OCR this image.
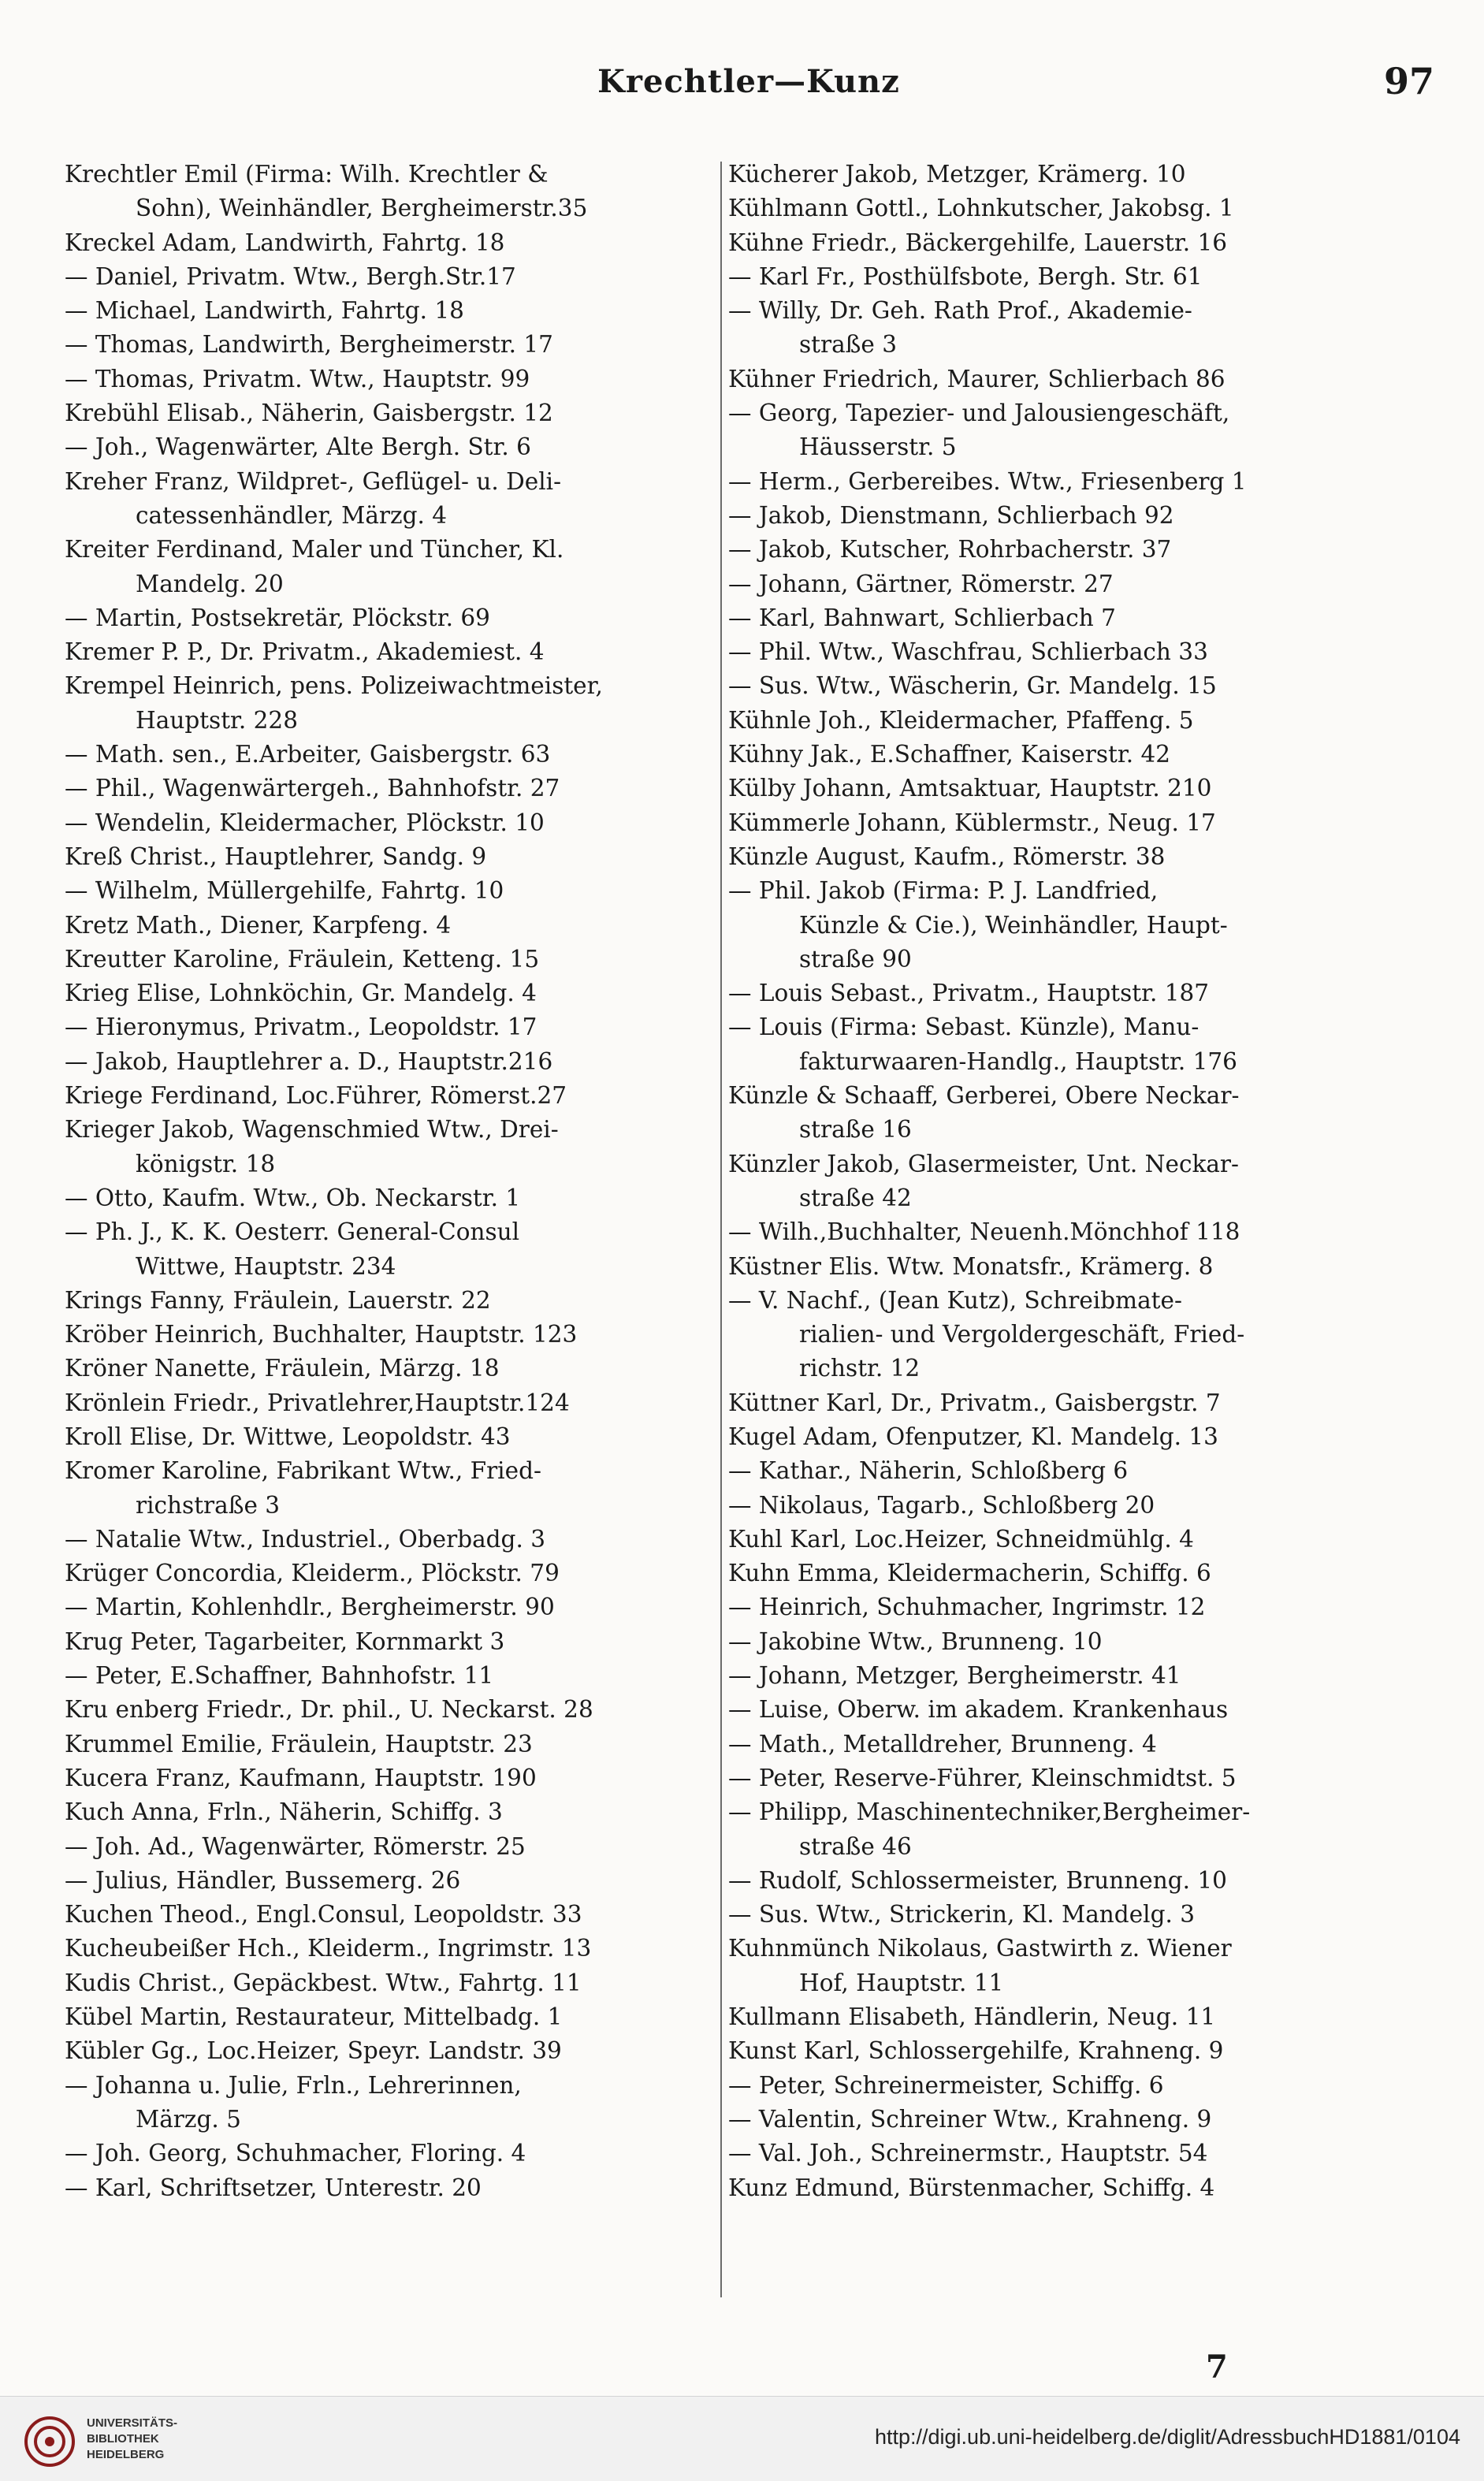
Krechtler—Kunz	97
Krechtler Emil (Firma: Wilh. Krechtler &
Sohn), Weinhändler, Bergheimerstr.35
Kreckel Adam, Landwirth, Fahrtg. 18
— Daniel, Privatm. Wtw., Bergh.Str.17
— Michael, Landwirth, Fahrtg. 18
— Thomas, Landwirth, Bergheimerstr. 17
— Thomas, Privatm. Wtw., Hauptstr. 99
Krebühl Elisab., Näherin, Gaisbergstr. 12
— Joh., Wagenwärter, Alte Bergh. Str. 6
Kreher Franz, Wildpret-, Geflügel- u. Deli-
catessenhändler, Märzg. 4
Kreiter Ferdinand, Maler und Tüncher, Kl.
Mandelg. 20
— Martin, Postsekretär, Plöckstr. 69
Kremer P. P., Dr. Privatm., Akademiest. 4
Krempel Heinrich, pens. Polizeiwachtmeister,
Hauptstr. 228
— Math. sen., E.Arbeiter, Gaisbergstr. 63
— Phil., Wagenwärtergeh., Bahnhofstr. 27
— Wendelin, Kleidermacher, Plöckstr. 10
Kreß Christ., Hauptlehrer, Sandg. 9
— Wilhelm, Müllergehilfe, Fahrtg. 10
Kretz Math., Diener, Karpfeng. 4
Kreutter Karoline, Fräulein, Ketteng. 15
Krieg Elise, Lohnköchin, Gr. Mandelg. 4
— Hieronymus, Privatm., Leopoldstr. 17
— Jakob, Hauptlehrer a. D., Hauptstr.216
Kriege Ferdinand, Loc.Führer, Römerst.27
Krieger Jakob, Wagenschmied Wtw., Drei-
königstr. 18
— Otto, Kaufm. Wtw., Ob. Neckarstr. 1
— Ph. J., K. K. Oesterr. General-Consul
Wittwe, Hauptstr. 234
Krings Fanny, Fräulein, Lauerstr. 22
Kröber Heinrich, Buchhalter, Hauptstr. 123
Kröner Nanette, Fräulein, Märzg. 18
Krönlein Friedr., Privatlehrer,Hauptstr.124
Kroll Elise, Dr. Wittwe, Leopoldstr. 43
Kromer Karoline, Fabrikant Wtw., Fried-
richstraße 3
— Natalie Wtw., Industriel., Oberbadg. 3
Krüger Concordia, Kleiderm., Plöckstr. 79
— Martin, Kohlenhdlr., Bergheimerstr. 90
Krug Peter, Tagarbeiter, Kornmarkt 3
— Peter, E.Schaffner, Bahnhofstr. 11
Kru enberg Friedr., Dr. phil., U. Neckarst. 28
Krummel Emilie, Fräulein, Hauptstr. 23
Kucera Franz, Kaufmann, Hauptstr. 190
Kuch Anna, Frln., Näherin, Schiffg. 3
— Joh. Ad., Wagenwärter, Römerstr. 25
— Julius, Händler, Bussemerg. 26
Kuchen Theod., Engl.Consul, Leopoldstr. 33
Kucheubeißer Hch., Kleiderm., Ingrimstr. 13
Kudis Christ., Gepäckbest. Wtw., Fahrtg. 11
Kübel Martin, Restaurateur, Mittelbadg. 1
Kübler Gg., Loc.Heizer, Speyr. Landstr. 39
— Johanna u. Julie, Frln., Lehrerinnen,
Märzg. 5
— Joh. Georg, Schuhmacher, Floring. 4
— Karl, Schriftsetzer, Unterestr. 20
Kücherer Jakob, Metzger, Krämerg. 10
Kühlmann Gottl., Lohnkutscher, Jakobsg. 1
Kühne Friedr., Bäckergehilfe, Lauerstr. 16
— Karl Fr., Posthülfsbote, Bergh. Str. 61
— Willy, Dr. Geh. Rath Prof., Akademie-
straße 3
Kühner Friedrich, Maurer, Schlierbach 86
— Georg, Tapezier- und Jalousiengeschäft,
Häusserstr. 5
— Herm., Gerbereibes. Wtw., Friesenberg 1
— Jakob, Dienstmann, Schlierbach 92
— Jakob, Kutscher, Rohrbacherstr. 37
— Johann, Gärtner, Römerstr. 27
— Karl, Bahnwart, Schlierbach 7
— Phil. Wtw., Waschfrau, Schlierbach 33
— Sus. Wtw., Wäscherin, Gr. Mandelg. 15
Kühnle Joh., Kleidermacher, Pfaffeng. 5
Kühny Jak., E.Schaffner, Kaiserstr. 42
Külby Johann, Amtsaktuar, Hauptstr. 210
Kümmerle Johann, Küblermstr., Neug. 17
Künzle August, Kaufm., Römerstr. 38
— Phil. Jakob (Firma: P. J. Landfried,
Künzle & Cie.), Weinhändler, Haupt-
straße 90
— Louis Sebast., Privatm., Hauptstr. 187
— Louis (Firma: Sebast. Künzle), Manu-
fakturwaaren-Handlg., Hauptstr. 176
Künzle & Schaaff, Gerberei, Obere Neckar-
straße 16
Künzler Jakob, Glasermeister, Unt. Neckar-
straße 42
— Wilh.,Buchhalter, Neuenh.Mönchhof 118
Küstner Elis. Wtw. Monatsfr., Krämerg. 8
— V. Nachf., (Jean Kutz), Schreibmate-
rialien- und Vergoldergeschäft, Fried-
richstr. 12
Küttner Karl, Dr., Privatm., Gaisbergstr. 7
Kugel Adam, Ofenputzer, Kl. Mandelg. 13
— Kathar., Näherin, Schloßberg 6
— Nikolaus, Tagarb., Schloßberg 20
Kuhl Karl, Loc.Heizer, Schneidmühlg. 4
Kuhn Emma, Kleidermacherin, Schiffg. 6
— Heinrich, Schuhmacher, Ingrimstr. 12
— Jakobine Wtw., Brunneng. 10
— Johann, Metzger, Bergheimerstr. 41
— Luise, Oberw. im akadem. Krankenhaus
— Math., Metalldreher, Brunneng. 4
— Peter, Reserve-Führer, Kleinschmidtst. 5
— Philipp, Maschinentechniker,Bergheimer-
straße 46
— Rudolf, Schlossermeister, Brunneng. 10
— Sus. Wtw., Strickerin, Kl. Mandelg. 3
Kuhnmünch Nikolaus, Gastwirth z. Wiener
Hof, Hauptstr. 11
Kullmann Elisabeth, Händlerin, Neug. 11
Kunst Karl, Schlossergehilfe, Krahneng. 9
— Peter, Schreinermeister, Schiffg. 6
— Valentin, Schreiner Wtw., Krahneng. 9
— Val. Joh., Schreinermstr., Hauptstr. 54
Kunz Edmund, Bürstenmacher, Schiffg. 4
7
UNIVERSITÄTS-
BIBLIOTHEK
HEIDELBERG
http://digi.ub.uni-heidelberg.de/diglit/AdressbuchHD1881/0104
